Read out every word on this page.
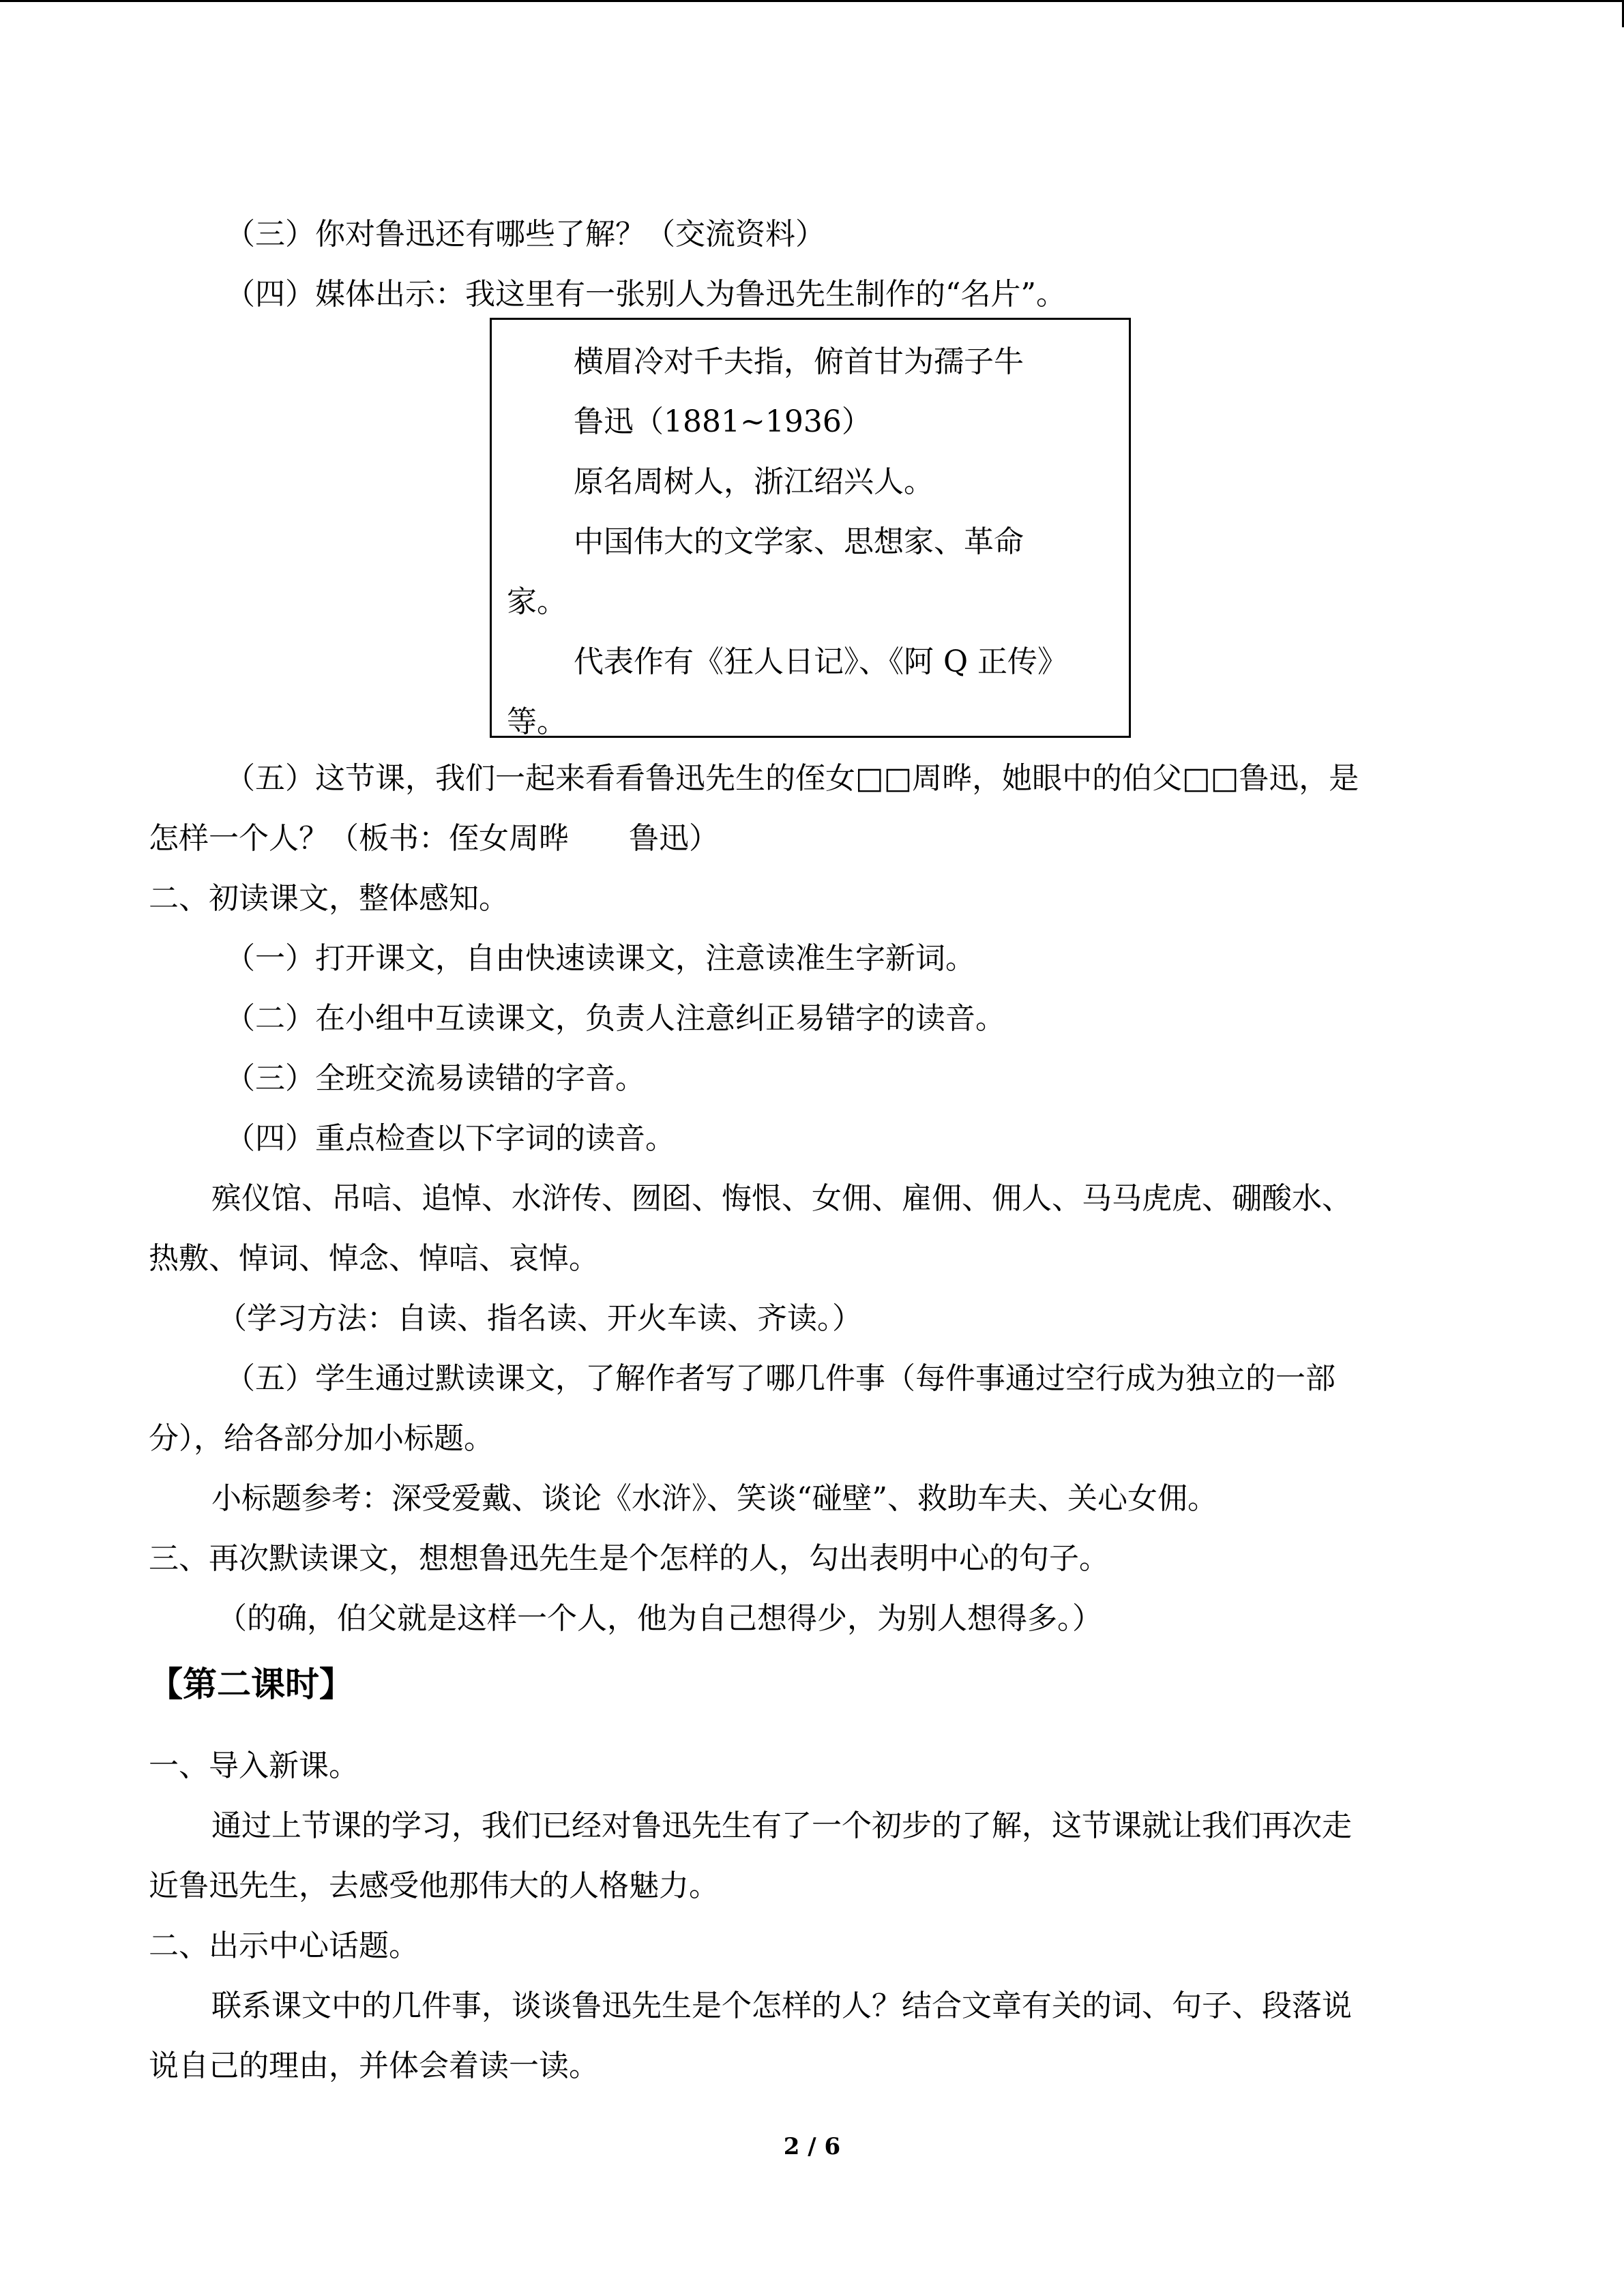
（三）你对鲁迅还有哪些了解？（交流资料）
（四）媒体出示：我这里有一张别人为鲁迅先生制作的“名片”。
横眉冷对千夫指，俯首甘为孺子牛
鲁迅（1881~1936）
原名周树人，浙江绍兴人。
中国伟大的文学家、思想家、革命
家。
代表作有《狂人日记》、《阿 Q 正传》
等。
（五）这节课，我们一起来看看鲁迅先生的侄女□□周晔，她眼中的伯父□□鲁迅，是
怎样一个人？（板书：侄女周晔　　鲁迅）
二、初读课文，整体感知。
（一）打开课文，自由快速读课文，注意读准生字新词。
（二）在小组中互读课文，负责人注意纠正易错字的读音。
（三）全班交流易读错的字音。
（四）重点检查以下字词的读音。
殡仪馆、吊唁、追悼、水浒传、囫囵、悔恨、女佣、雇佣、佣人、马马虎虎、硼酸水、
热敷、悼词、悼念、悼唁、哀悼。
（学习方法：自读、指名读、开火车读、齐读。）
（五）学生通过默读课文，了解作者写了哪几件事（每件事通过空行成为独立的一部
分），给各部分加小标题。
小标题参考：深受爱戴、谈论《水浒》、笑谈“碰壁”、救助车夫、关心女佣。
三、再次默读课文，想想鲁迅先生是个怎样的人，勾出表明中心的句子。
（的确，伯父就是这样一个人，他为自己想得少，为别人想得多。）
【第二课时】
一、导入新课。
通过上节课的学习，我们已经对鲁迅先生有了一个初步的了解，这节课就让我们再次走
近鲁迅先生，去感受他那伟大的人格魅力。
二、出示中心话题。
联系课文中的几件事，谈谈鲁迅先生是个怎样的人？结合文章有关的词、句子、段落说
说自己的理由，并体会着读一读。
2 / 6
